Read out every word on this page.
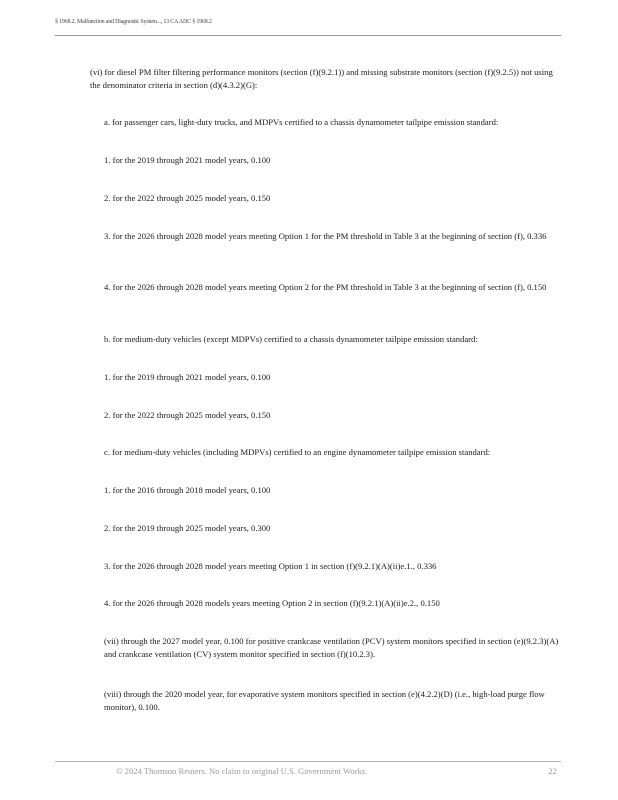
§ 1968.2. Malfunction and Diagnostic System..., 13 CA ADC § 1968.2

(vi) for diesel PM filter filtering performance monitors (section (f)(9.2.1)) and missing substrate monitors (section (f)(9.2.5)) not using the denominator criteria in section (d)(4.3.2)(G):

a. for passenger cars, light-duty trucks, and MDPVs certified to a chassis dynamometer tailpipe emission standard:

1. for the 2019 through 2021 model years, 0.100

2. for the 2022 through 2025 model years, 0.150

3. for the 2026 through 2028 model years meeting Option 1 for the PM threshold in Table 3 at the beginning of section (f), 0.336

4. for the 2026 through 2028 model years meeting Option 2 for the PM threshold in Table 3 at the beginning of section (f), 0.150

b. for medium-duty vehicles (except MDPVs) certified to a chassis dynamometer tailpipe emission standard:

1. for the 2019 through 2021 model years, 0.100

2. for the 2022 through 2025 model years, 0.150

c. for medium-duty vehicles (including MDPVs) certified to an engine dynamometer tailpipe emission standard:

1. for the 2016 through 2018 model years, 0.100

2. for the 2019 through 2025 model years, 0.300

3. for the 2026 through 2028 model years meeting Option 1 in section (f)(9.2.1)(A)(ii)e.1., 0.336

4. for the 2026 through 2028 models years meeting Option 2 in section (f)(9.2.1)(A)(ii)e.2., 0.150

(vii) through the 2027 model year, 0.100 for positive crankcase ventilation (PCV) system monitors specified in section (e)(9.2.3)(A) and crankcase ventilation (CV) system monitor specified in section (f)(10.2.3).

(viii) through the 2020 model year, for evaporative system monitors specified in section (e)(4.2.2)(D) (i.e., high-load purge flow monitor), 0.100.

© 2024 Thomson Reuters. No claim to original U.S. Government Works.	22
